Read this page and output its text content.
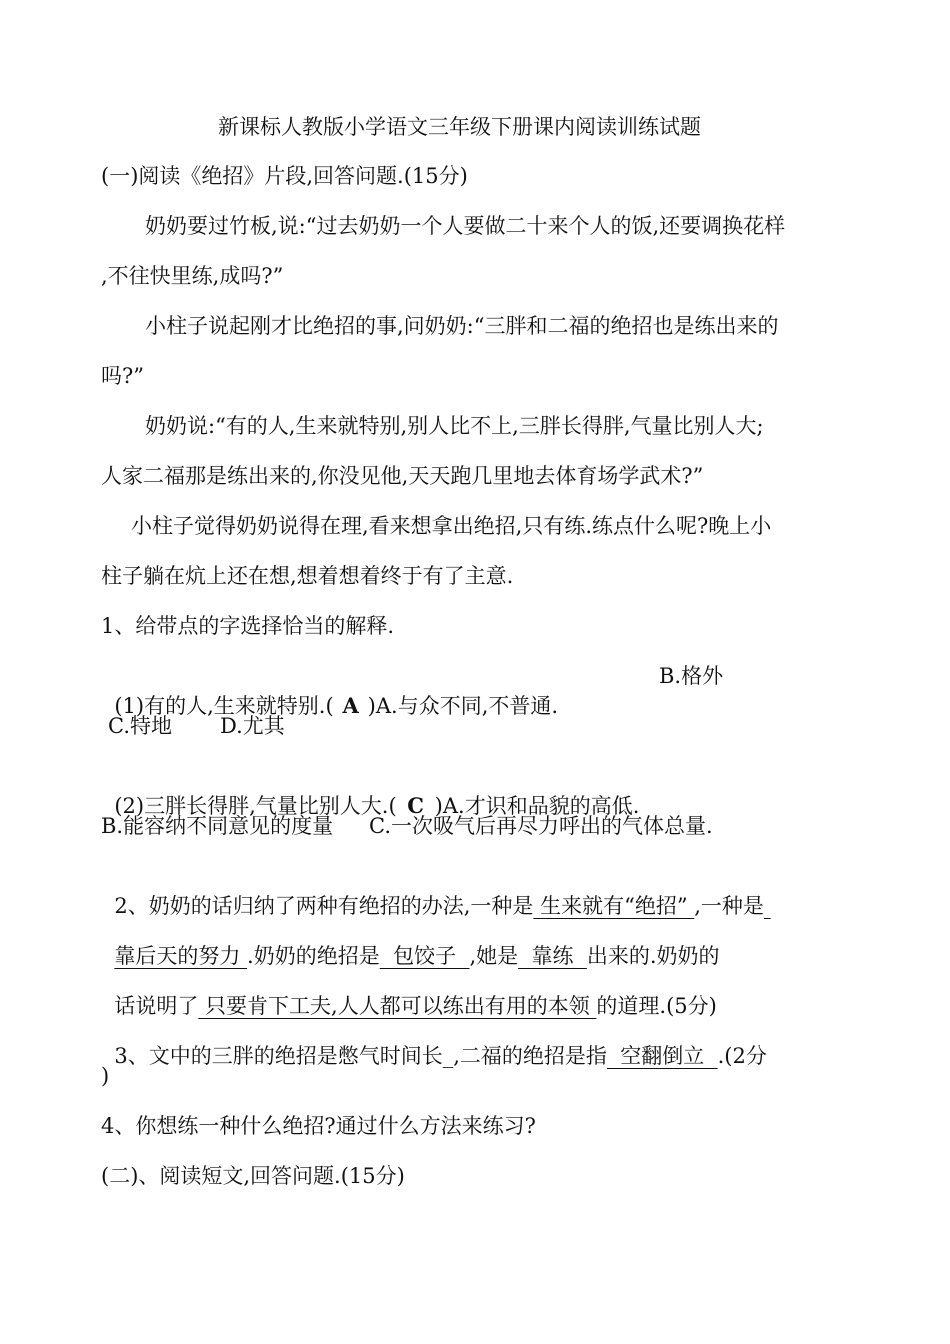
新课标人教版小学语文三年级下册课内阅读训练试题
(一)阅读《绝招》片段,回答问题.(15分)
奶奶要过竹板,说:“过去奶奶一个人要做二十来个人的饭,还要调换花样
,不往快里练,成吗?”
小柱子说起刚才比绝招的事,问奶奶:“三胖和二福的绝招也是练出来的
吗?”
奶奶说:“有的人,生来就特别,别人比不上,三胖长得胖,气量比别人大;
人家二福那是练出来的,你没见他,天天跑几里地去体育场学武术?”
小柱子觉得奶奶说得在理,看来想拿出绝招,只有练.练点什么呢?晚上小
柱子躺在炕上还在想,想着想着终于有了主意.
1、给带点的字选择恰当的解释.

(1)有的人,生来就特别.( A )A.与众不同,不普通.

B.格外
C.特地 D.尤其

(2)三胖长得胖,气量比别人大.( C )A.才识和品貌的高低.

B.能容纳不同意见的度量 C.一次吸气后再尽力呼出的气体总量.

2、奶奶的话归纳了两种有绝招的办法,一种是 生来就有“绝招” ,一种是

靠后天的努力 .奶奶的绝招是  包饺子  ,她是  靠练  出来的.奶奶的

话说明了 只要肯下工夫,人人都可以练出有用的本领 的道理.(5分)

3、文中的三胖的绝招是憋气时间长_,二福的绝招是指  空翻倒立  .(2分

)
4、你想练一种什么绝招?通过什么方法来练习?
(二)、阅读短文,回答问题.(15分)
